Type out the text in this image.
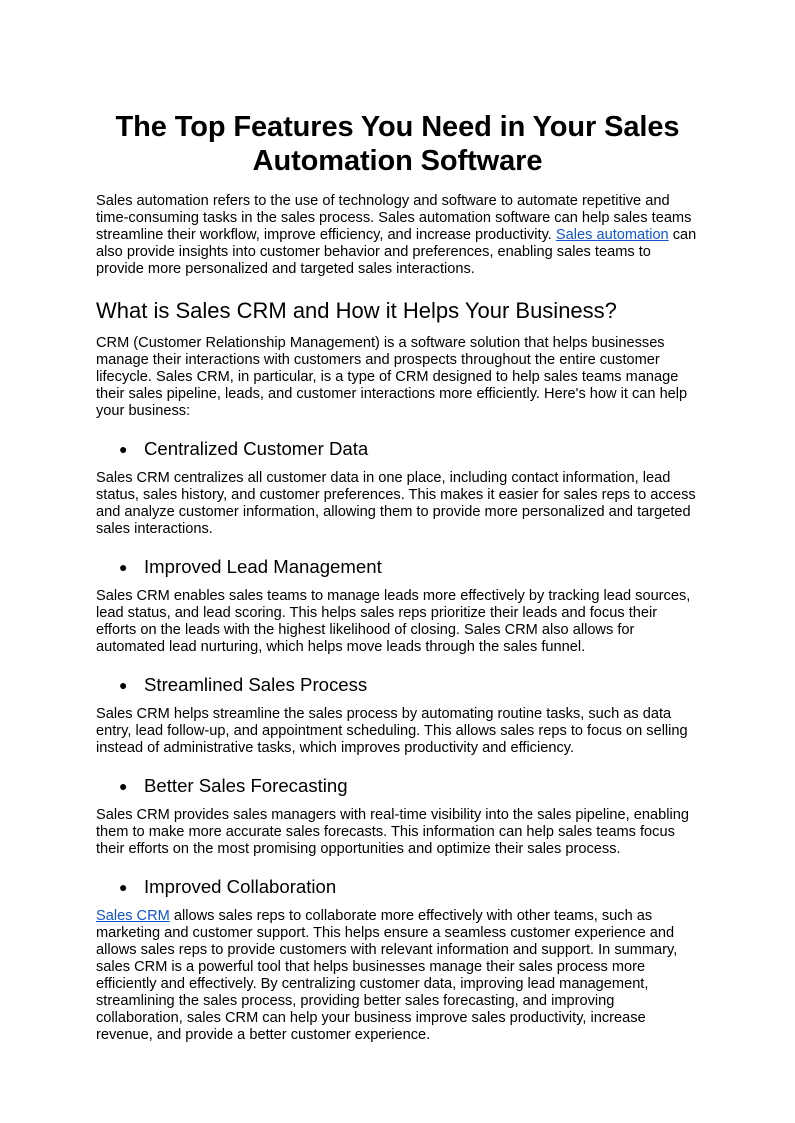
The Top Features You Need in Your Sales Automation Software

Sales automation refers to the use of technology and software to automate repetitive and time-consuming tasks in the sales process. Sales automation software can help sales teams streamline their workflow, improve efficiency, and increase productivity. Sales automation can also provide insights into customer behavior and preferences, enabling sales teams to provide more personalized and targeted sales interactions.

What is Sales CRM and How it Helps Your Business?

CRM (Customer Relationship Management) is a software solution that helps businesses manage their interactions with customers and prospects throughout the entire customer lifecycle. Sales CRM, in particular, is a type of CRM designed to help sales teams manage their sales pipeline, leads, and customer interactions more efficiently. Here's how it can help your business:

● Centralized Customer Data

Sales CRM centralizes all customer data in one place, including contact information, lead status, sales history, and customer preferences. This makes it easier for sales reps to access and analyze customer information, allowing them to provide more personalized and targeted sales interactions.

● Improved Lead Management

Sales CRM enables sales teams to manage leads more effectively by tracking lead sources, lead status, and lead scoring. This helps sales reps prioritize their leads and focus their efforts on the leads with the highest likelihood of closing. Sales CRM also allows for automated lead nurturing, which helps move leads through the sales funnel.

● Streamlined Sales Process

Sales CRM helps streamline the sales process by automating routine tasks, such as data entry, lead follow-up, and appointment scheduling. This allows sales reps to focus on selling instead of administrative tasks, which improves productivity and efficiency.

● Better Sales Forecasting

Sales CRM provides sales managers with real-time visibility into the sales pipeline, enabling them to make more accurate sales forecasts. This information can help sales teams focus their efforts on the most promising opportunities and optimize their sales process.

● Improved Collaboration

Sales CRM allows sales reps to collaborate more effectively with other teams, such as marketing and customer support. This helps ensure a seamless customer experience and allows sales reps to provide customers with relevant information and support. In summary, sales CRM is a powerful tool that helps businesses manage their sales process more efficiently and effectively. By centralizing customer data, improving lead management, streamlining the sales process, providing better sales forecasting, and improving collaboration, sales CRM can help your business improve sales productivity, increase revenue, and provide a better customer experience.
